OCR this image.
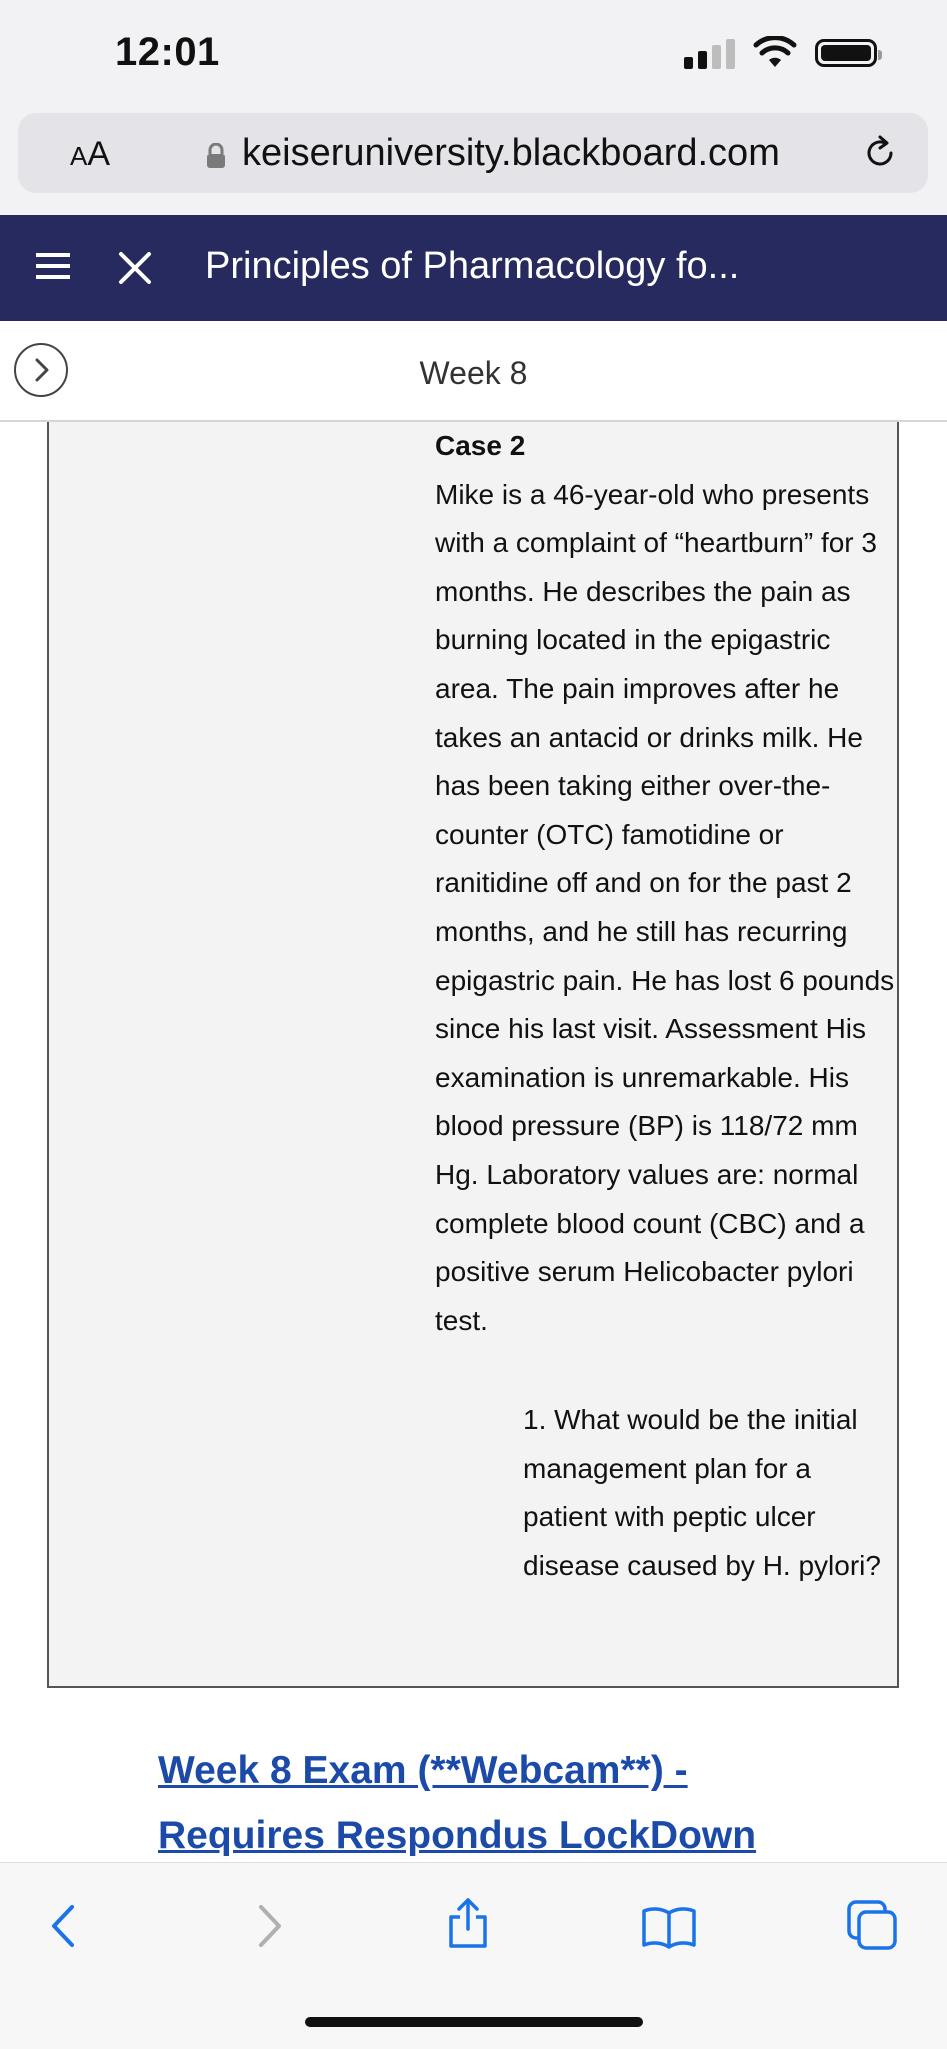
12:01
AA	keiseruniversity.blackboard.com
Principles of Pharmacology fo...
Week 8
Case 2
Mike is a 46-year-old who presents with a complaint of “heartburn” for 3 months. He describes the pain as burning located in the epigastric area. The pain improves after he takes an antacid or drinks milk. He has been taking either over-the-counter (OTC) famotidine or ranitidine off and on for the past 2 months, and he still has recurring epigastric pain. He has lost 6 pounds since his last visit. Assessment His examination is unremarkable. His blood pressure (BP) is 118/72 mm Hg. Laboratory values are: normal complete blood count (CBC) and a positive serum Helicobacter pylori test.
1. What would be the initial management plan for a patient with peptic ulcer disease caused by H. pylori?
Week 8 Exam (**Webcam**) - Requires Respondus LockDown
